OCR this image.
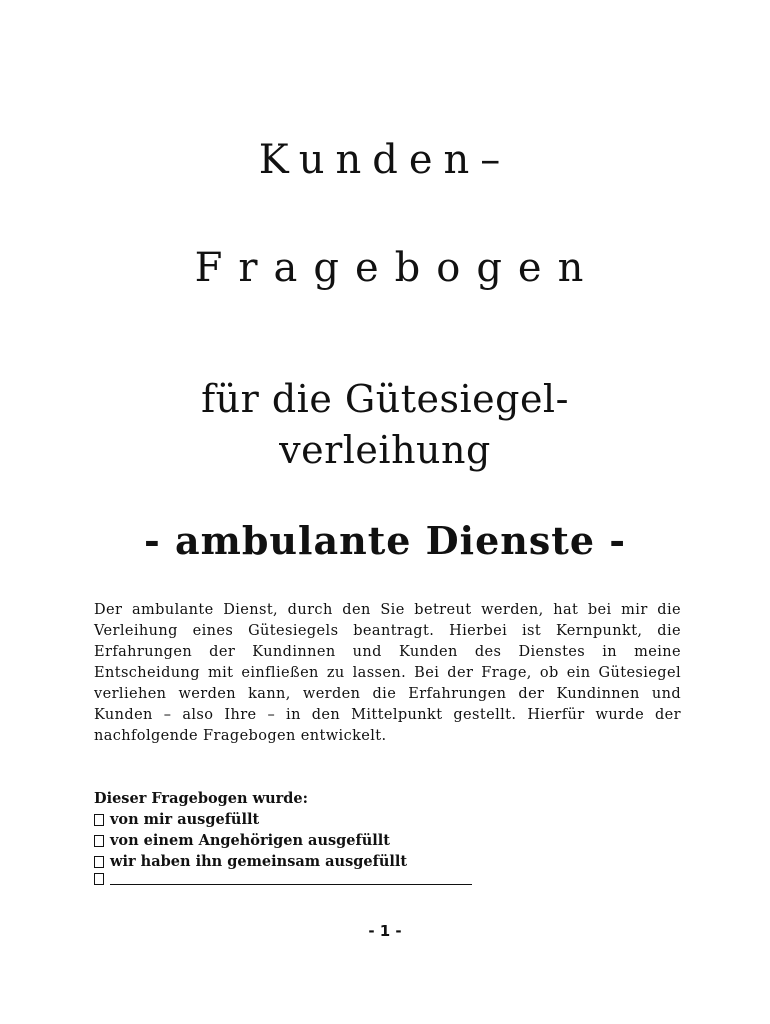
Kunden–
Fragebogen
für die Gütesiegel-
verleihung
- ambulante Dienste -

Der ambulante Dienst, durch den Sie betreut werden, hat bei mir die Verleihung eines Gütesiegels beantragt. Hierbei ist Kernpunkt, die Erfahrungen der Kundinnen und Kunden des Dienstes in meine Entscheidung mit einfließen zu lassen. Bei der Frage, ob ein Gütesiegel verliehen werden kann, werden die Erfahrungen der Kundinnen und Kunden – also Ihre – in den Mittelpunkt gestellt. Hierfür wurde der nachfolgende Fragebogen entwickelt.

Dieser Fragebogen wurde:
von mir ausgefüllt
von einem Angehörigen ausgefüllt
wir haben ihn gemeinsam ausgefüllt
- 1 -
